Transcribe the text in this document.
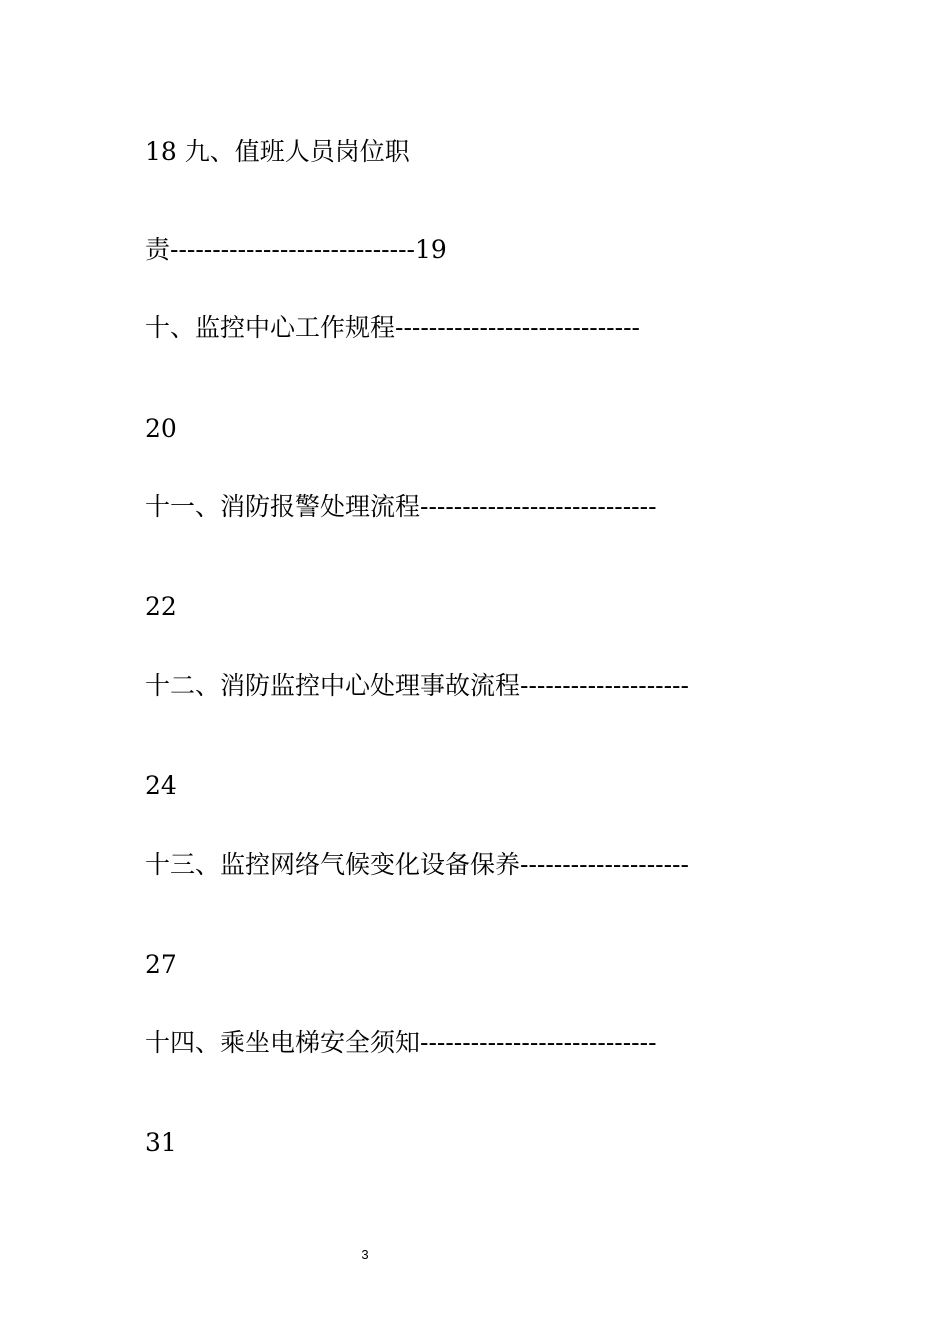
18 九、值班人员岗位职
责-----------------------------19
十、监控中心工作规程-----------------------------
20
十一、消防报警处理流程----------------------------
22
十二、消防监控中心处理事故流程--------------------
24
十三、监控网络气候变化设备保养--------------------
27
十四、乘坐电梯安全须知----------------------------
31
3
